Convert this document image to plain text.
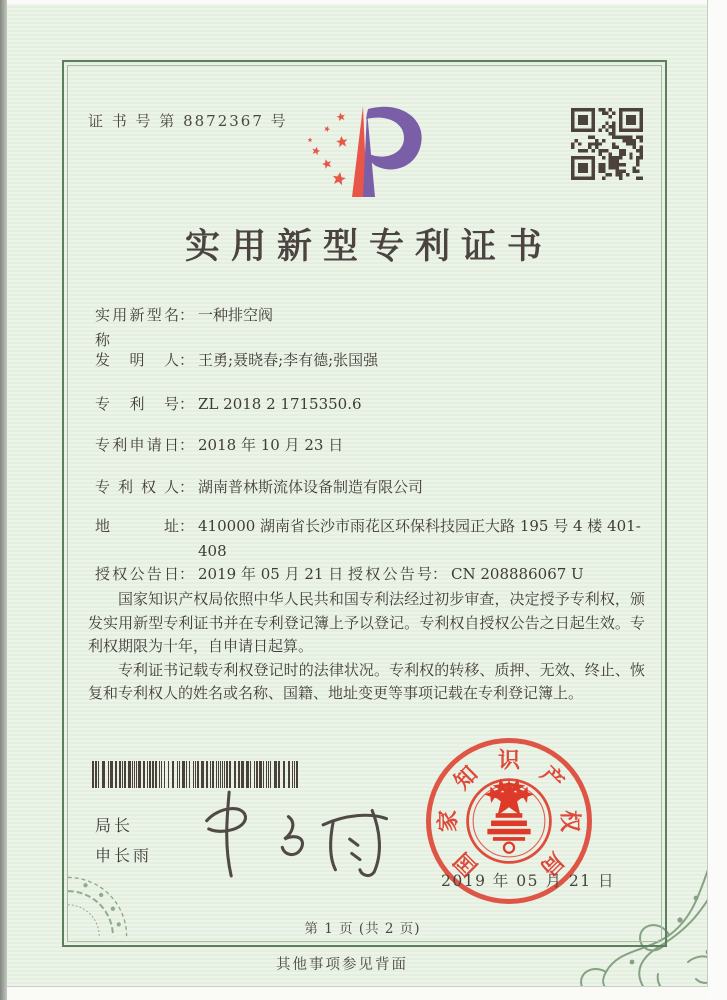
证 书 号 第 8872367 号
实用新型专利证书
实用新型名称： 一种排空阀
发明人： 王勇;聂晓春;李有德;张国强
专利号： ZL 2018 2 1715350.6
专利申请日： 2018 年 10 月 23 日
专利权人： 湖南普林斯流体设备制造有限公司
地址： 410000 湖南省长沙市雨花区环保科技园正大路 195 号 4 楼 401-408
授权公告日： 2019 年 05 月 21 日 授权公告号： CN 208886067 U

国家知识产权局依照中华人民共和国专利法经过初步审查，决定授予专利权，颁发实用新型专利证书并在专利登记簿上予以登记。专利权自授权公告之日起生效。专利权期限为十年，自申请日起算。

专利证书记载专利权登记时的法律状况。专利权的转移、质押、无效、终止、恢复和专利权人的姓名或名称、国籍、地址变更等事项记载在专利登记簿上。

局长
申长雨	国
家
知
识
产
权
局
2019 年 05 月 21 日
第 1 页 (共 2 页)
其他事项参见背面
